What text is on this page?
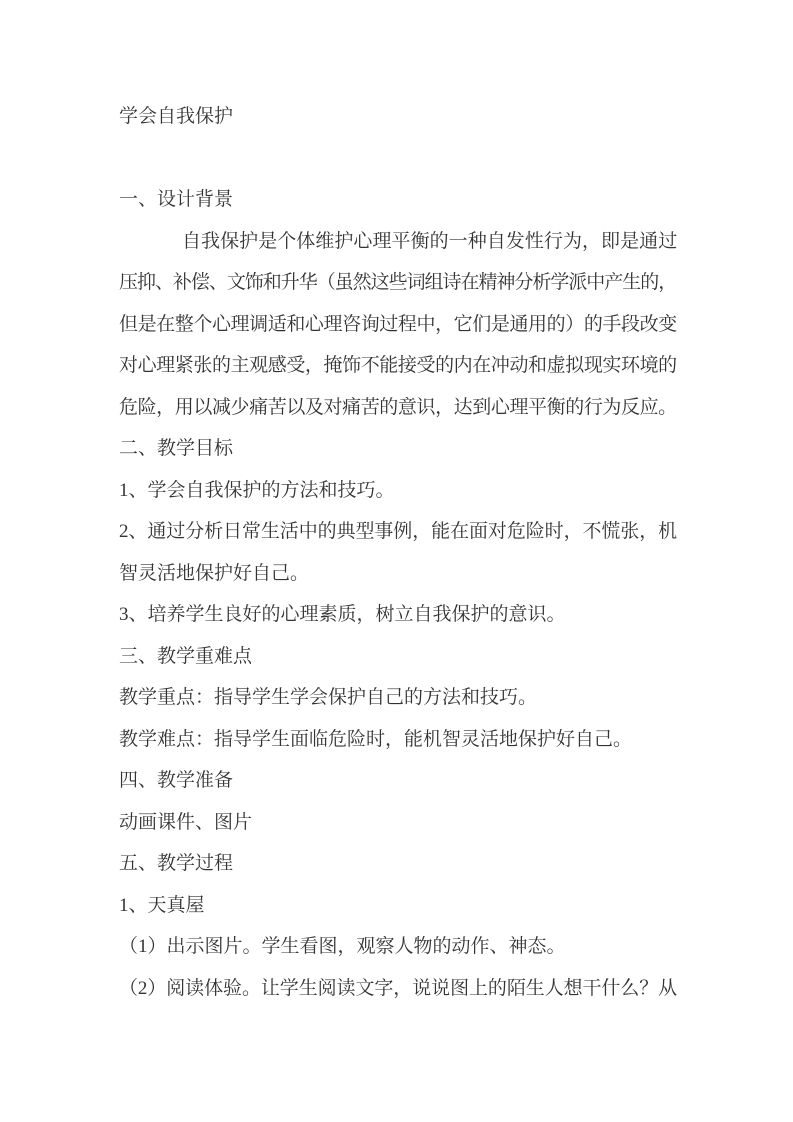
学会自我保护
一、设计背景
自我保护是个体维护心理平衡的一种自发性行为，即是通过
压抑、补偿、文饰和升华（虽然这些词组诗在精神分析学派中产生的，
但是在整个心理调适和心理咨询过程中，它们是通用的）的手段改变
对心理紧张的主观感受，掩饰不能接受的内在冲动和虚拟现实环境的
危险，用以减少痛苦以及对痛苦的意识，达到心理平衡的行为反应。
二、教学目标
1、学会自我保护的方法和技巧。
2、通过分析日常生活中的典型事例，能在面对危险时，不慌张，机
智灵活地保护好自己。
3、培养学生良好的心理素质，树立自我保护的意识。
三、教学重难点
教学重点：指导学生学会保护自己的方法和技巧。
教学难点：指导学生面临危险时，能机智灵活地保护好自己。
四、教学准备
动画课件、图片
五、教学过程
1、天真屋
（1）出示图片。学生看图，观察人物的动作、神态。
（2）阅读体验。让学生阅读文字，说说图上的陌生人想干什么？从
